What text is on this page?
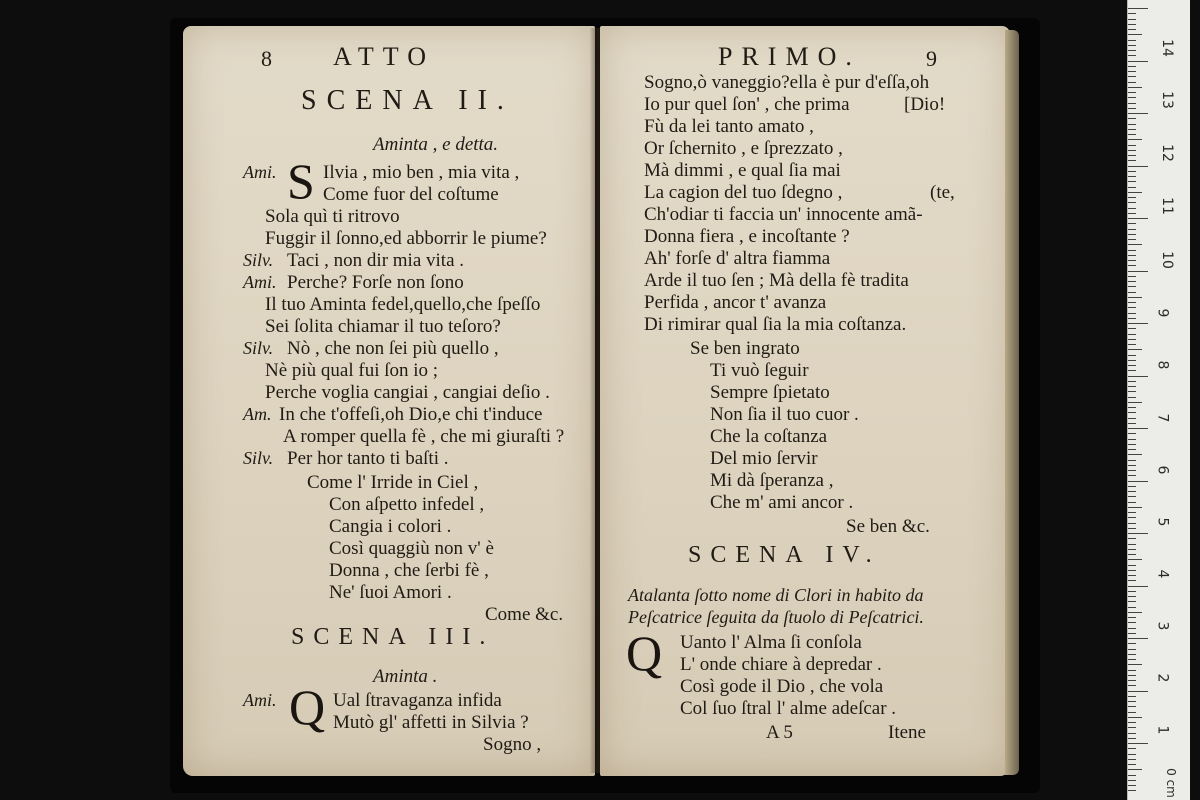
8 ATTO
SCENA II.
Aminta , e detta.
Ami. S Ilvia , mio ben , mia vita ,
Come fuor del coſtume
Sola quì ti ritrovo
Fuggir il ſonno,ed abborrir le piume?
Silv. Taci , non dir mia vita .
Ami. Perche? Forſe non ſono
Il tuo Aminta fedel,quello,che ſpeſſo
Sei ſolita chiamar il tuo teſoro?
Silv. Nò , che non ſei più quello ,
Nè più qual fui ſon io ;
Perche voglia cangiai , cangiai deſio .
Am. In che t'offeſi,oh Dio,e chi t'induce
A romper quella fè , che mi giuraſti ?
Silv. Per hor tanto ti baſti .
Come l' Irride in Ciel ,
Con aſpetto infedel ,
Cangia i colori .
Così quaggiù non v' è
Donna , che ſerbi fè ,
Ne' ſuoi Amori .
Come &c.
SCENA III.
Aminta .
Ami. Q Ual ſtravaganza infida
Mutò gl' affetti in Silvia ?
Sogno ,
PRIMO.	9
Sogno,ò vaneggio?ella è pur d'eſſa,oh
Io pur quel ſon' , che prima	[Dio!
Fù da lei tanto amato ,
Or ſchernito , e ſprezzato ,
Mà dimmi , e qual ſia mai
La cagion del tuo ſdegno ,	(te,
Ch'odiar ti faccia un' innocente amã-
Donna fiera , e incoſtante ?
Ah' forſe d' altra fiamma
Arde il tuo ſen ; Mà della fè tradita
Perfida , ancor t' avanza
Di rimirar qual ſia la mia coſtanza.
Se ben ingrato
Ti vuò ſeguir
Sempre ſpietato
Non ſia il tuo cuor .
Che la coſtanza
Del mio ſervir
Mi dà ſperanza ,
Che m' ami ancor .
Se ben &c.
SCENA IV.
Atalanta ſotto nome di Clori in habito da
Peſcatrice ſeguita da ſtuolo di Peſcatrici.
Q Uanto l' Alma ſi conſola
L' onde chiare à depredar .
Così gode il Dio , che vola
Col ſuo ſtral l' alme adeſcar .
A 5	Itene
14
13
12
11
10
9
8
7
6
5
4
3
2
1
0 cm
